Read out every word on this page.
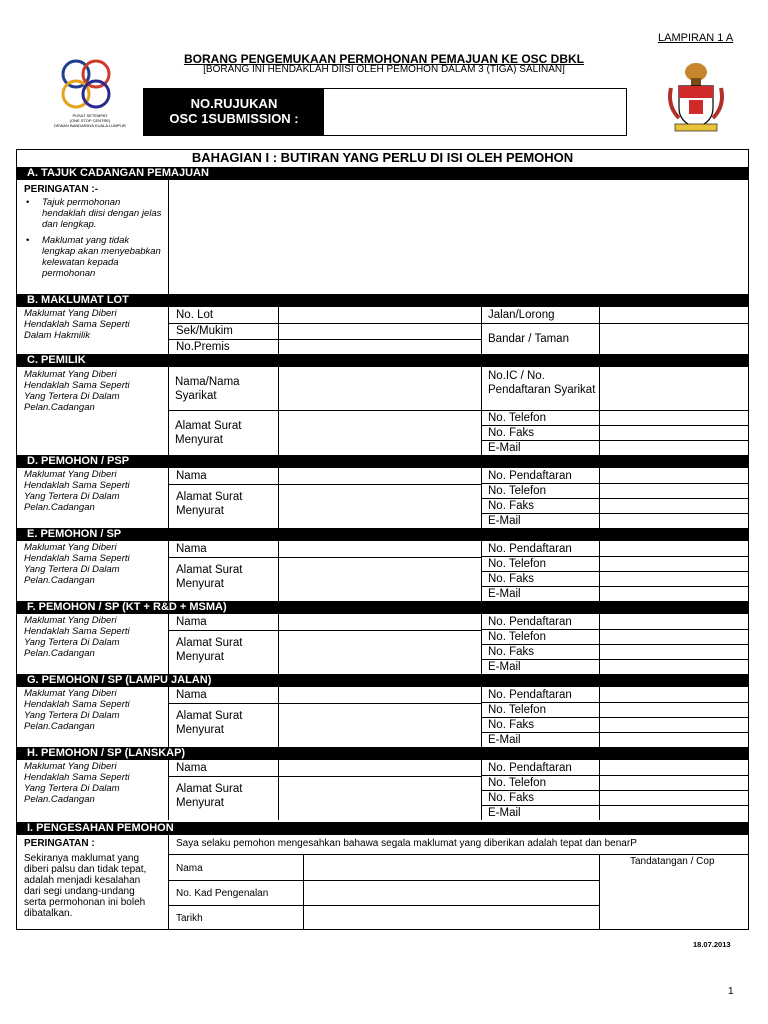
LAMPIRAN 1 A
BORANG PENGEMUKAAN PERMOHONAN PEMAJUAN KE OSC DBKL
[BORANG INI HENDAKLAH DIISI OLEH PEMOHON DALAM 3 (TIGA) SALINAN]
PUSAT SETEMPAT
(ONE STOP CENTRE)
DEWAN BANDARAYA KUALA LUMPUR
NO.RUJUKAN
OSC 1SUBMISSION :
BAHAGIAN I : BUTIRAN YANG PERLU DI ISI OLEH PEMOHON
A. TAJUK CADANGAN PEMAJUAN
PERINGATAN :-
• Tajuk permohonan hendaklah diisi dengan jelas dan lengkap.
• Maklumat yang tidak lengkap akan menyebabkan kelewatan kepada permohonan
B. MAKLUMAT LOT
Maklumat Yang Diberi
Hendaklah Sama Seperti
Dalam Hakmilik
No. Lot
Sek/Mukim
No.Premis
Jalan/Lorong
Bandar / Taman
C. PEMILIK
Maklumat Yang Diberi
Hendaklah Sama Seperti
Yang Tertera Di Dalam
Pelan.Cadangan
Nama/Nama Syarikat
Alamat Surat Menyurat
No.IC / No. Pendaftaran Syarikat
No. Telefon
No. Faks
E-Mail
D. PEMOHON / PSP
Maklumat Yang Diberi
Hendaklah Sama Seperti
Yang Tertera Di Dalam
Pelan.Cadangan
Nama
Alamat Surat Menyurat
No. Pendaftaran
No. Telefon
No. Faks
E-Mail
E. PEMOHON / SP
Maklumat Yang Diberi
Hendaklah Sama Seperti
Yang Tertera Di Dalam
Pelan.Cadangan
Nama
Alamat Surat Menyurat
No. Pendaftaran
No. Telefon
No. Faks
E-Mail
F. PEMOHON / SP (KT + R&D + MSMA)
Maklumat Yang Diberi
Hendaklah Sama Seperti
Yang Tertera Di Dalam
Pelan.Cadangan
Nama
Alamat Surat Menyurat
No. Pendaftaran
No. Telefon
No. Faks
E-Mail
G. PEMOHON / SP (LAMPU JALAN)
Maklumat Yang Diberi
Hendaklah Sama Seperti
Yang Tertera Di Dalam
Pelan.Cadangan
Nama
Alamat Surat Menyurat
No. Pendaftaran
No. Telefon
No. Faks
E-Mail
H. PEMOHON / SP (LANSKAP)
Maklumat Yang Diberi
Hendaklah Sama Seperti
Yang Tertera Di Dalam
Pelan.Cadangan
Nama
Alamat Surat Menyurat
No. Pendaftaran
No. Telefon
No. Faks
E-Mail
I. PENGESAHAN PEMOHON
PERINGATAN :
Sekiranya maklumat yang diberi palsu dan tidak tepat, adalah menjadi kesalahan dari segi undang-undang serta permohonan ini boleh dibatalkan.
Saya selaku pemohon mengesahkan bahawa segala maklumat yang diberikan adalah tepat dan benarP
Nama
No. Kad Pengenalan
Tarikh
Tandatangan / Cop
18.07.2013
1
